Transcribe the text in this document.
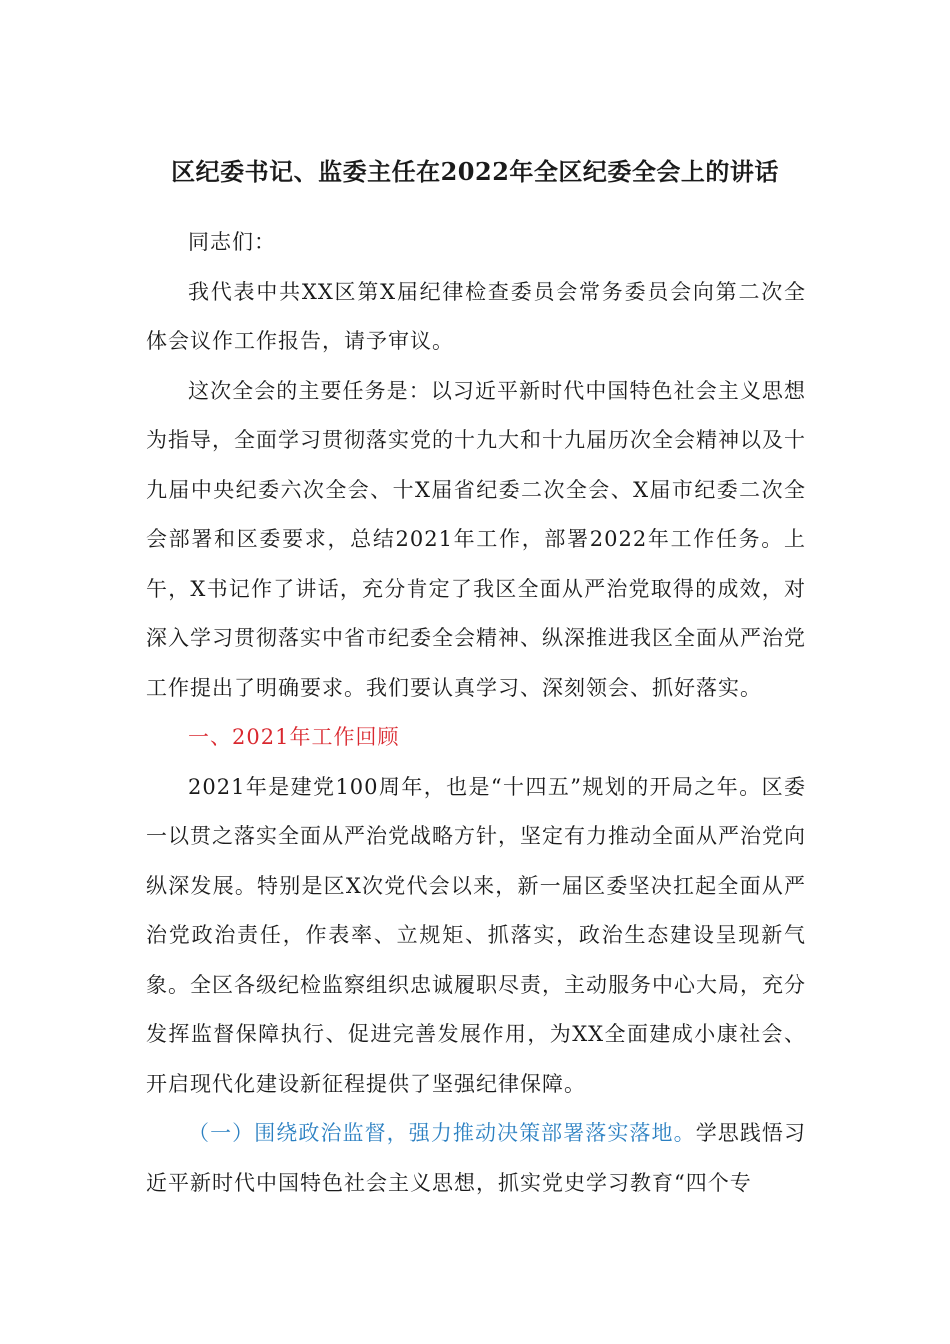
区纪委书记、监委主任在2022年全区纪委全会上的讲话

同志们：

我代表中共XX区第X届纪律检查委员会常务委员会向第二次全体会议作工作报告，请予审议。

这次全会的主要任务是：以习近平新时代中国特色社会主义思想为指导，全面学习贯彻落实党的十九大和十九届历次全会精神以及十九届中央纪委六次全会、十X届省纪委二次全会、X届市纪委二次全会部署和区委要求，总结2021年工作，部署2022年工作任务。上午，X书记作了讲话，充分肯定了我区全面从严治党取得的成效，对深入学习贯彻落实中省市纪委全会精神、纵深推进我区全面从严治党工作提出了明确要求。我们要认真学习、深刻领会、抓好落实。

一、2021年工作回顾

2021年是建党100周年，也是“十四五”规划的开局之年。区委一以贯之落实全面从严治党战略方针，坚定有力推动全面从严治党向纵深发展。特别是区X次党代会以来，新一届区委坚决扛起全面从严治党政治责任，作表率、立规矩、抓落实，政治生态建设呈现新气象。全区各级纪检监察组织忠诚履职尽责，主动服务中心大局，充分发挥监督保障执行、促进完善发展作用，为XX全面建成小康社会、开启现代化建设新征程提供了坚强纪律保障。

（一）围绕政治监督，强力推动决策部署落实落地。学思践悟习近平新时代中国特色社会主义思想，抓实党史学习教育“四个专
